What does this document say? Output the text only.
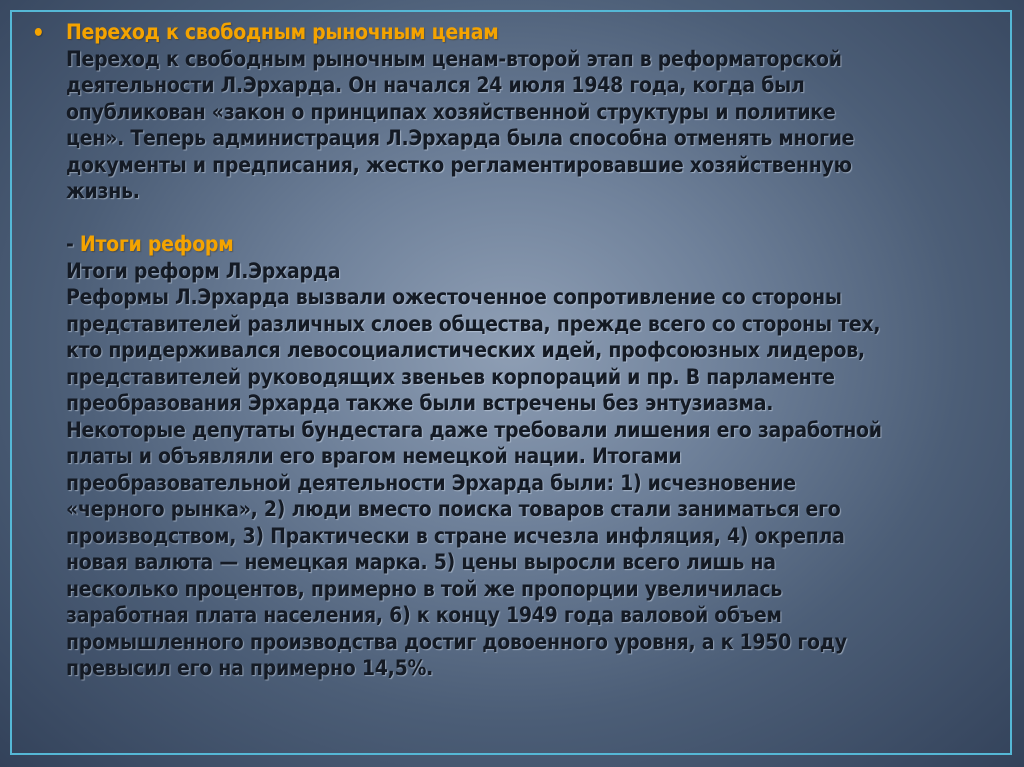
• Переход к свободным рыночным ценам

Переход к свободным рыночным ценам-второй этап в реформаторской
деятельности Л.Эрхарда. Он начался 24 июля 1948 года, когда был
опубликован «закон о принципах хозяйственной структуры и политике
цен». Теперь администрация Л.Эрхарда была способна отменять многие
документы и предписания, жестко регламентировавшие хозяйственную
жизнь.

- Итоги реформ

Итоги реформ Л.Эрхарда

Реформы Л.Эрхарда вызвали ожесточенное сопротивление со стороны
представителей различных слоев общества, прежде всего со стороны тех,
кто придерживался левосоциалистических идей, профсоюзных лидеров,
представителей руководящих звеньев корпораций и пр. В парламенте
преобразования Эрхарда также были встречены без энтузиазма.
Некоторые депутаты бундестага даже требовали лишения его заработной
платы и объявляли его врагом немецкой нации. Итогами
преобразовательной деятельности Эрхарда были: 1) исчезновение
«черного рынка», 2) люди вместо поиска товаров стали заниматься его
производством, 3) Практически в стране исчезла инфляция, 4) окрепла
новая валюта — немецкая марка. 5) цены выросли всего лишь на
несколько процентов, примерно в той же пропорции увеличилась
заработная плата населения, 6) к концу 1949 года валовой объем
промышленного производства достиг довоенного уровня, а к 1950 году
превысил его на примерно 14,5%.
